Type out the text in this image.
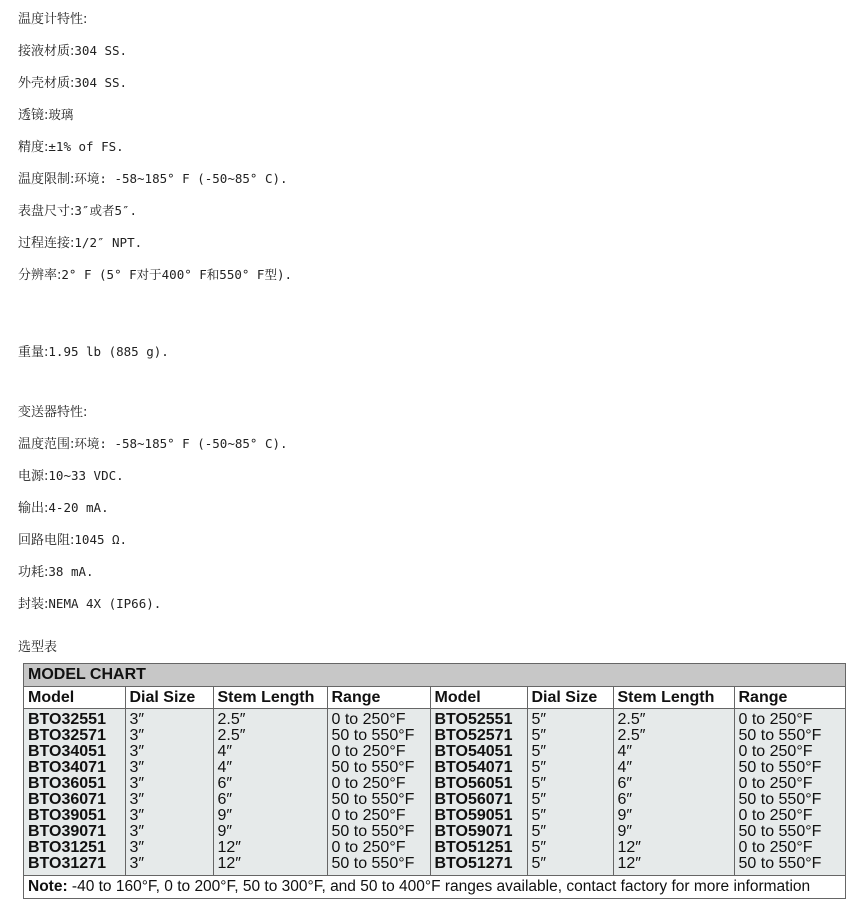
温度计特性:
接液材质:304 SS.
外壳材质:304 SS.
透镜:玻璃
精度:±1% of FS.
温度限制:环境: -58~185° F (-50~85° C).
表盘尺寸:3″或者5″.
过程连接:1/2″ NPT.
分辨率:2° F (5° F对于400° F和550° F型).
重量:1.95 lb (885 g).
变送器特性:
温度范围:环境: -58~185° F (-50~85° C).
电源:10~33 VDC.
输出:4-20 mA.
回路电阻:1045 Ω.
功耗:38 mA.
封装:NEMA 4X (IP66).
选型表
MODEL CHART
Model	Dial Size	Stem Length	Range	Model	Dial Size	Stem Length	Range
BTO32551	3″	2.5″	0 to 250°F	BTO52551	5″	2.5″	0 to 250°F
BTO32571	3″	2.5″	50 to 550°F	BTO52571	5″	2.5″	50 to 550°F
BTO34051	3″	4″	0 to 250°F	BTO54051	5″	4″	0 to 250°F
BTO34071	3″	4″	50 to 550°F	BTO54071	5″	4″	50 to 550°F
BTO36051	3″	6″	0 to 250°F	BTO56051	5″	6″	0 to 250°F
BTO36071	3″	6″	50 to 550°F	BTO56071	5″	6″	50 to 550°F
BTO39051	3″	9″	0 to 250°F	BTO59051	5″	9″	0 to 250°F
BTO39071	3″	9″	50 to 550°F	BTO59071	5″	9″	50 to 550°F
BTO31251	3″	12″	0 to 250°F	BTO51251	5″	12″	0 to 250°F
BTO31271	3″	12″	50 to 550°F	BTO51271	5″	12″	50 to 550°F
Note: -40 to 160°F, 0 to 200°F, 50 to 300°F, and 50 to 400°F ranges available, contact factory for more information
